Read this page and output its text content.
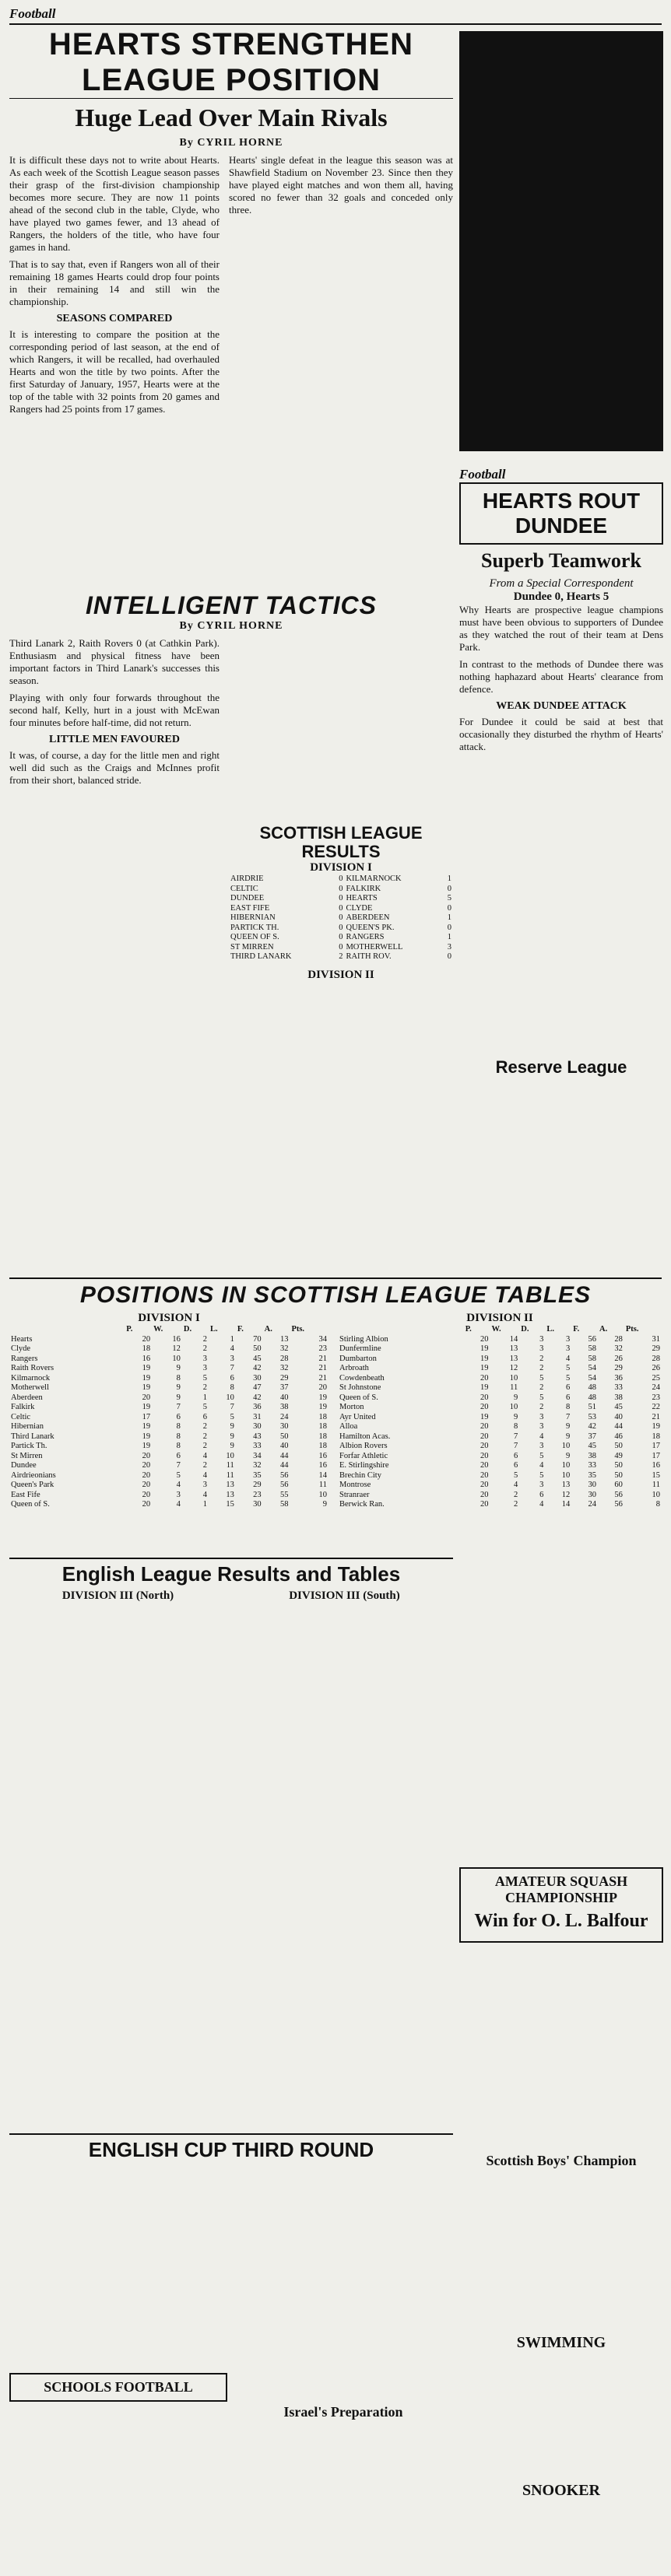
Football
HEARTS STRENGTHEN LEAGUE POSITION
Huge Lead Over Main Rivals
By CYRIL HORNE

It is difficult these days not to write about Hearts. As each week of the Scottish League season passes their grasp of the first-division championship becomes more secure. They are now 11 points ahead of the second club in the table, Clyde, who have played two games fewer, and 13 ahead of Rangers, the holders of the title, who have four games in hand.

That is to say that, even if Rangers won all of their remaining 18 games Hearts could drop four points in their remaining 14 and still win the championship.

SEASONS COMPARED

It is interesting to compare the position at the corresponding period of last season, at the end of which Rangers, it will be recalled, had overhauled Hearts and won the title by two points. After the first Saturday of January, 1957, Hearts were at the top of the table with 32 points from 20 games and Rangers had 25 points from 17 games.

Hearts' single defeat in the league this season was at Shawfield Stadium on November 23. Since then they have played eight matches and won them all, having scored no fewer than 32 goals and conceded only three.

Football
HEARTS ROUT DUNDEE
Superb Teamwork
From a Special Correspondent
Dundee 0, Hearts 5

Why Hearts are prospective league champions must have been obvious to supporters of Dundee as they watched the rout of their team at Dens Park.

In contrast to the methods of Dundee there was nothing haphazard about Hearts' clearance from defence.

WEAK DUNDEE ATTACK

For Dundee it could be said at best that occasionally they disturbed the rhythm of Hearts' attack.

INTELLIGENT TACTICS
By CYRIL HORNE

Third Lanark 2, Raith Rovers 0 (at Cathkin Park). Enthusiasm and physical fitness have been important factors in Third Lanark's successes this season.

Playing with only four forwards throughout the second half, Kelly, hurt in a joust with McEwan four minutes before half-time, did not return.

LITTLE MEN FAVOURED

It was, of course, a day for the little men and right well did such as the Craigs and McInnes profit from their short, balanced stride.

SCOTTISH LEAGUE RESULTS
DIVISION I
AIRDRIE	0	KILMARNOCK	1
CELTIC	0	FALKIRK	0
DUNDEE	0	HEARTS	5
EAST FIFE	0	CLYDE	0
HIBERNIAN	0	ABERDEEN	1
PARTICK TH.	0	QUEEN'S PK.	0
QUEEN OF S.	0	RANGERS	1
ST MIRREN	0	MOTHERWELL	3
THIRD LANARK	2	RAITH ROV.	0
DIVISION II
Reserve League
POSITIONS IN SCOTTISH LEAGUE TABLES
DIVISION I
	P.	W.	D.	L.	F.	A.	Pts.
Hearts	20	16	2	1	70	13	34
Clyde	18	12	2	4	50	32	23
Rangers	16	10	3	3	45	28	21
Raith Rovers	19	9	3	7	42	32	21
Kilmarnock	19	8	5	6	30	29	21
Motherwell	19	9	2	8	47	37	20
Aberdeen	20	9	1	10	42	40	19
Falkirk	19	7	5	7	36	38	19
Celtic	17	6	6	5	31	24	18
Hibernian	19	8	2	9	30	30	18
Third Lanark	19	8	2	9	43	50	18
Partick Th.	19	8	2	9	33	40	18
St Mirren	20	6	4	10	34	44	16
Dundee	20	7	2	11	32	44	16
Airdrieonians	20	5	4	11	35	56	14
Queen's Park	20	4	3	13	29	56	11
East Fife	20	3	4	13	23	55	10
Queen of S.	20	4	1	15	30	58	9
DIVISION II
	P.	W.	D.	L.	F.	A.	Pts.
Stirling Albion	20	14	3	3	56	28	31
Dunfermline	19	13	3	3	58	32	29
Dumbarton	19	13	2	4	58	26	28
Arbroath	19	12	2	5	54	29	26
Cowdenbeath	20	10	5	5	54	36	25
St Johnstone	19	11	2	6	48	33	24
Queen of S.	20	9	5	6	48	38	23
Morton	20	10	2	8	51	45	22
Ayr United	19	9	3	7	53	40	21
Alloa	20	8	3	9	42	44	19
Hamilton Acas.	20	7	4	9	37	46	18
Albion Rovers	20	7	3	10	45	50	17
Forfar Athletic	20	6	5	9	38	49	17
E. Stirlingshire	20	6	4	10	33	50	16
Brechin City	20	5	5	10	35	50	15
Montrose	20	4	3	13	30	60	11
Stranraer	20	2	6	12	30	56	10
Berwick Ran.	20	2	4	14	24	56	8
English League Results and Tables
DIVISION III (North)	DIVISION III (South)
ENGLISH CUP THIRD ROUND
SCHOOLS FOOTBALL
Israel's Preparation
AMATEUR SQUASH CHAMPIONSHIP
Win for O. L. Balfour
Scottish Boys' Champion
SWIMMING
SNOOKER
